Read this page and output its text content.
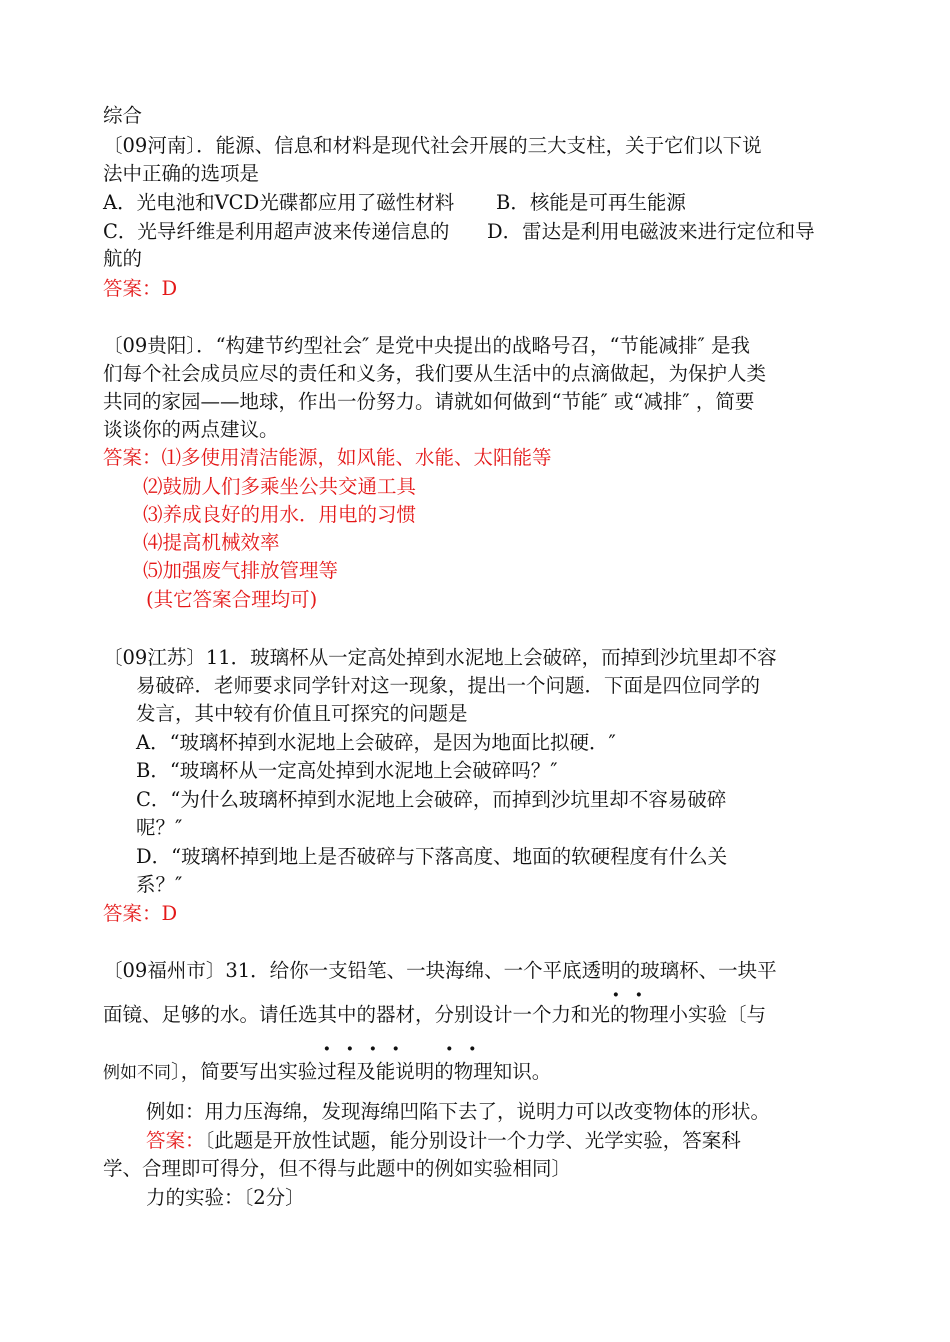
综合
〔09河南〕．能源、信息和材料是现代社会开展的三大支柱，关于它们以下说
法中正确的选项是
A．光电池和VCD光碟都应用了磁性材料 B．核能是可再生能源
C．光导纤维是利用超声波来传递信息的 D．雷达是利用电磁波来进行定位和导
航的
答案：D
〔09贵阳〕．“构建节约型社会″ 是党中央提出的战略号召，“节能减排″ 是我
们每个社会成员应尽的责任和义务，我们要从生活中的点滴做起，为保护人类
共同的家园——地球，作出一份努力。请就如何做到“节能″ 或“减排″ ，简要
谈谈你的两点建议。
答案：⑴多使用清洁能源，如风能、水能、太阳能等
⑵鼓励人们多乘坐公共交通工具
⑶养成良好的用水．用电的习惯
⑷提高机械效率
⑸加强废气排放管理等
(其它答案合理均可)
〔09江苏〕11．玻璃杯从一定高处掉到水泥地上会破碎，而掉到沙坑里却不容
易破碎．老师要求同学针对这一现象，提出一个问题．下面是四位同学的
发言，其中较有价值且可探究的问题是
A．“玻璃杯掉到水泥地上会破碎，是因为地面比拟硬．″
B．“玻璃杯从一定高处掉到水泥地上会破碎吗？″
C．“为什么玻璃杯掉到水泥地上会破碎，而掉到沙坑里却不容易破碎
呢？″
D．“玻璃杯掉到地上是否破碎与下落高度、地面的软硬程度有什么关
系？″
答案：D
〔09福州市〕31．给你一支铅笔、一块海绵、一个平底透明的玻璃杯、一块平
·  ·
面镜、足够的水。请任选其中的器材，分别设计一个力和光的物理小实验〔与
·  ·  ·  ·      ·  ·
例如不同〕，简要写出实验过程及能说明的物理知识。
例如：用力压海绵，发现海绵凹陷下去了，说明力可以改变物体的形状。
答案：〔此题是开放性试题，能分别设计一个力学、光学实验，答案科
学、合理即可得分，但不得与此题中的例如实验相同〕
力的实验：〔2分〕
